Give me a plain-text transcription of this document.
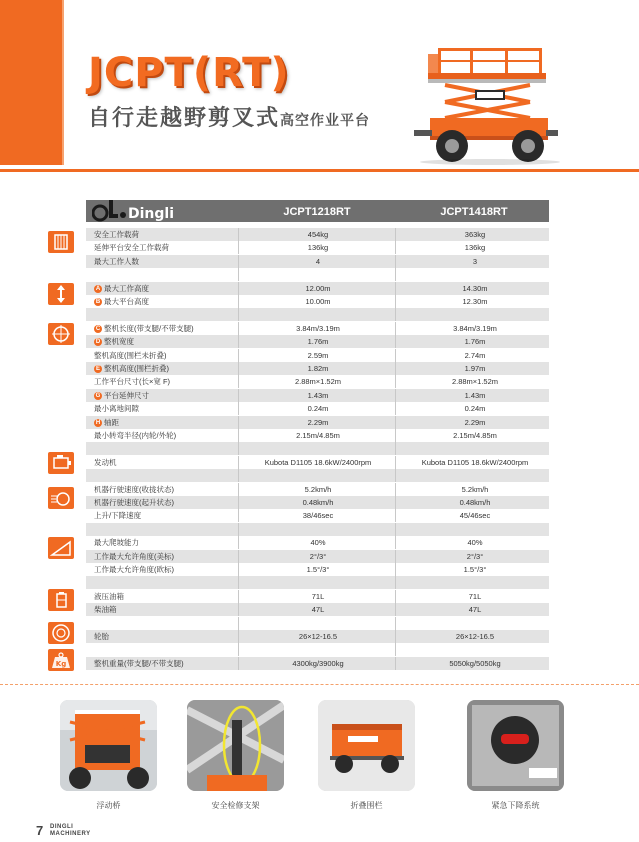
JCPT(RT)
自行走越野剪叉式高空作业平台
Dingli	JCPT1218RT	JCPT1418RT
安全工作载荷	454kg	363kg
延伸平台安全工作载荷	136kg	136kg
最大工作人数	4	3
A 最大工作高度	12.00m	14.30m
B 最大平台高度	10.00m	12.30m
C 整机长度(带支腿/不带支腿)	3.84m/3.19m	3.84m/3.19m
D 整机宽度	1.76m	1.76m
整机高度(围栏未折叠)	2.59m	2.74m
E 整机高度(围栏折叠)	1.82m	1.97m
工作平台尺寸(长×宽 F)	2.88m×1.52m	2.88m×1.52m
G 平台延伸尺寸	1.43m	1.43m
最小离地间隙	0.24m	0.24m
H 轴距	2.29m	2.29m
最小转弯半径(内轮/外轮)	2.15m/4.85m	2.15m/4.85m
发动机	Kubota D1105 18.6kW/2400rpm	Kubota D1105 18.6kW/2400rpm
机器行驶速度(收拢状态)	5.2km/h	5.2km/h
机器行驶速度(起升状态)	0.48km/h	0.48km/h
上升/下降速度	38/46sec	45/46sec
最大爬坡能力	40%	40%
工作最大允许角度(美标)	2°/3°	2°/3°
工作最大允许角度(欧标)	1.5°/3°	1.5°/3°
液压油箱	71L	71L
柴油箱	47L	47L
轮胎	26×12-16.5	26×12-16.5
整机重量(带支腿/不带支腿)	4300kg/3900kg	5050kg/5050kg
Kg
浮动桥	安全检修支架	折叠围栏	紧急下降系统
7 DINGLI
MACHINERY
